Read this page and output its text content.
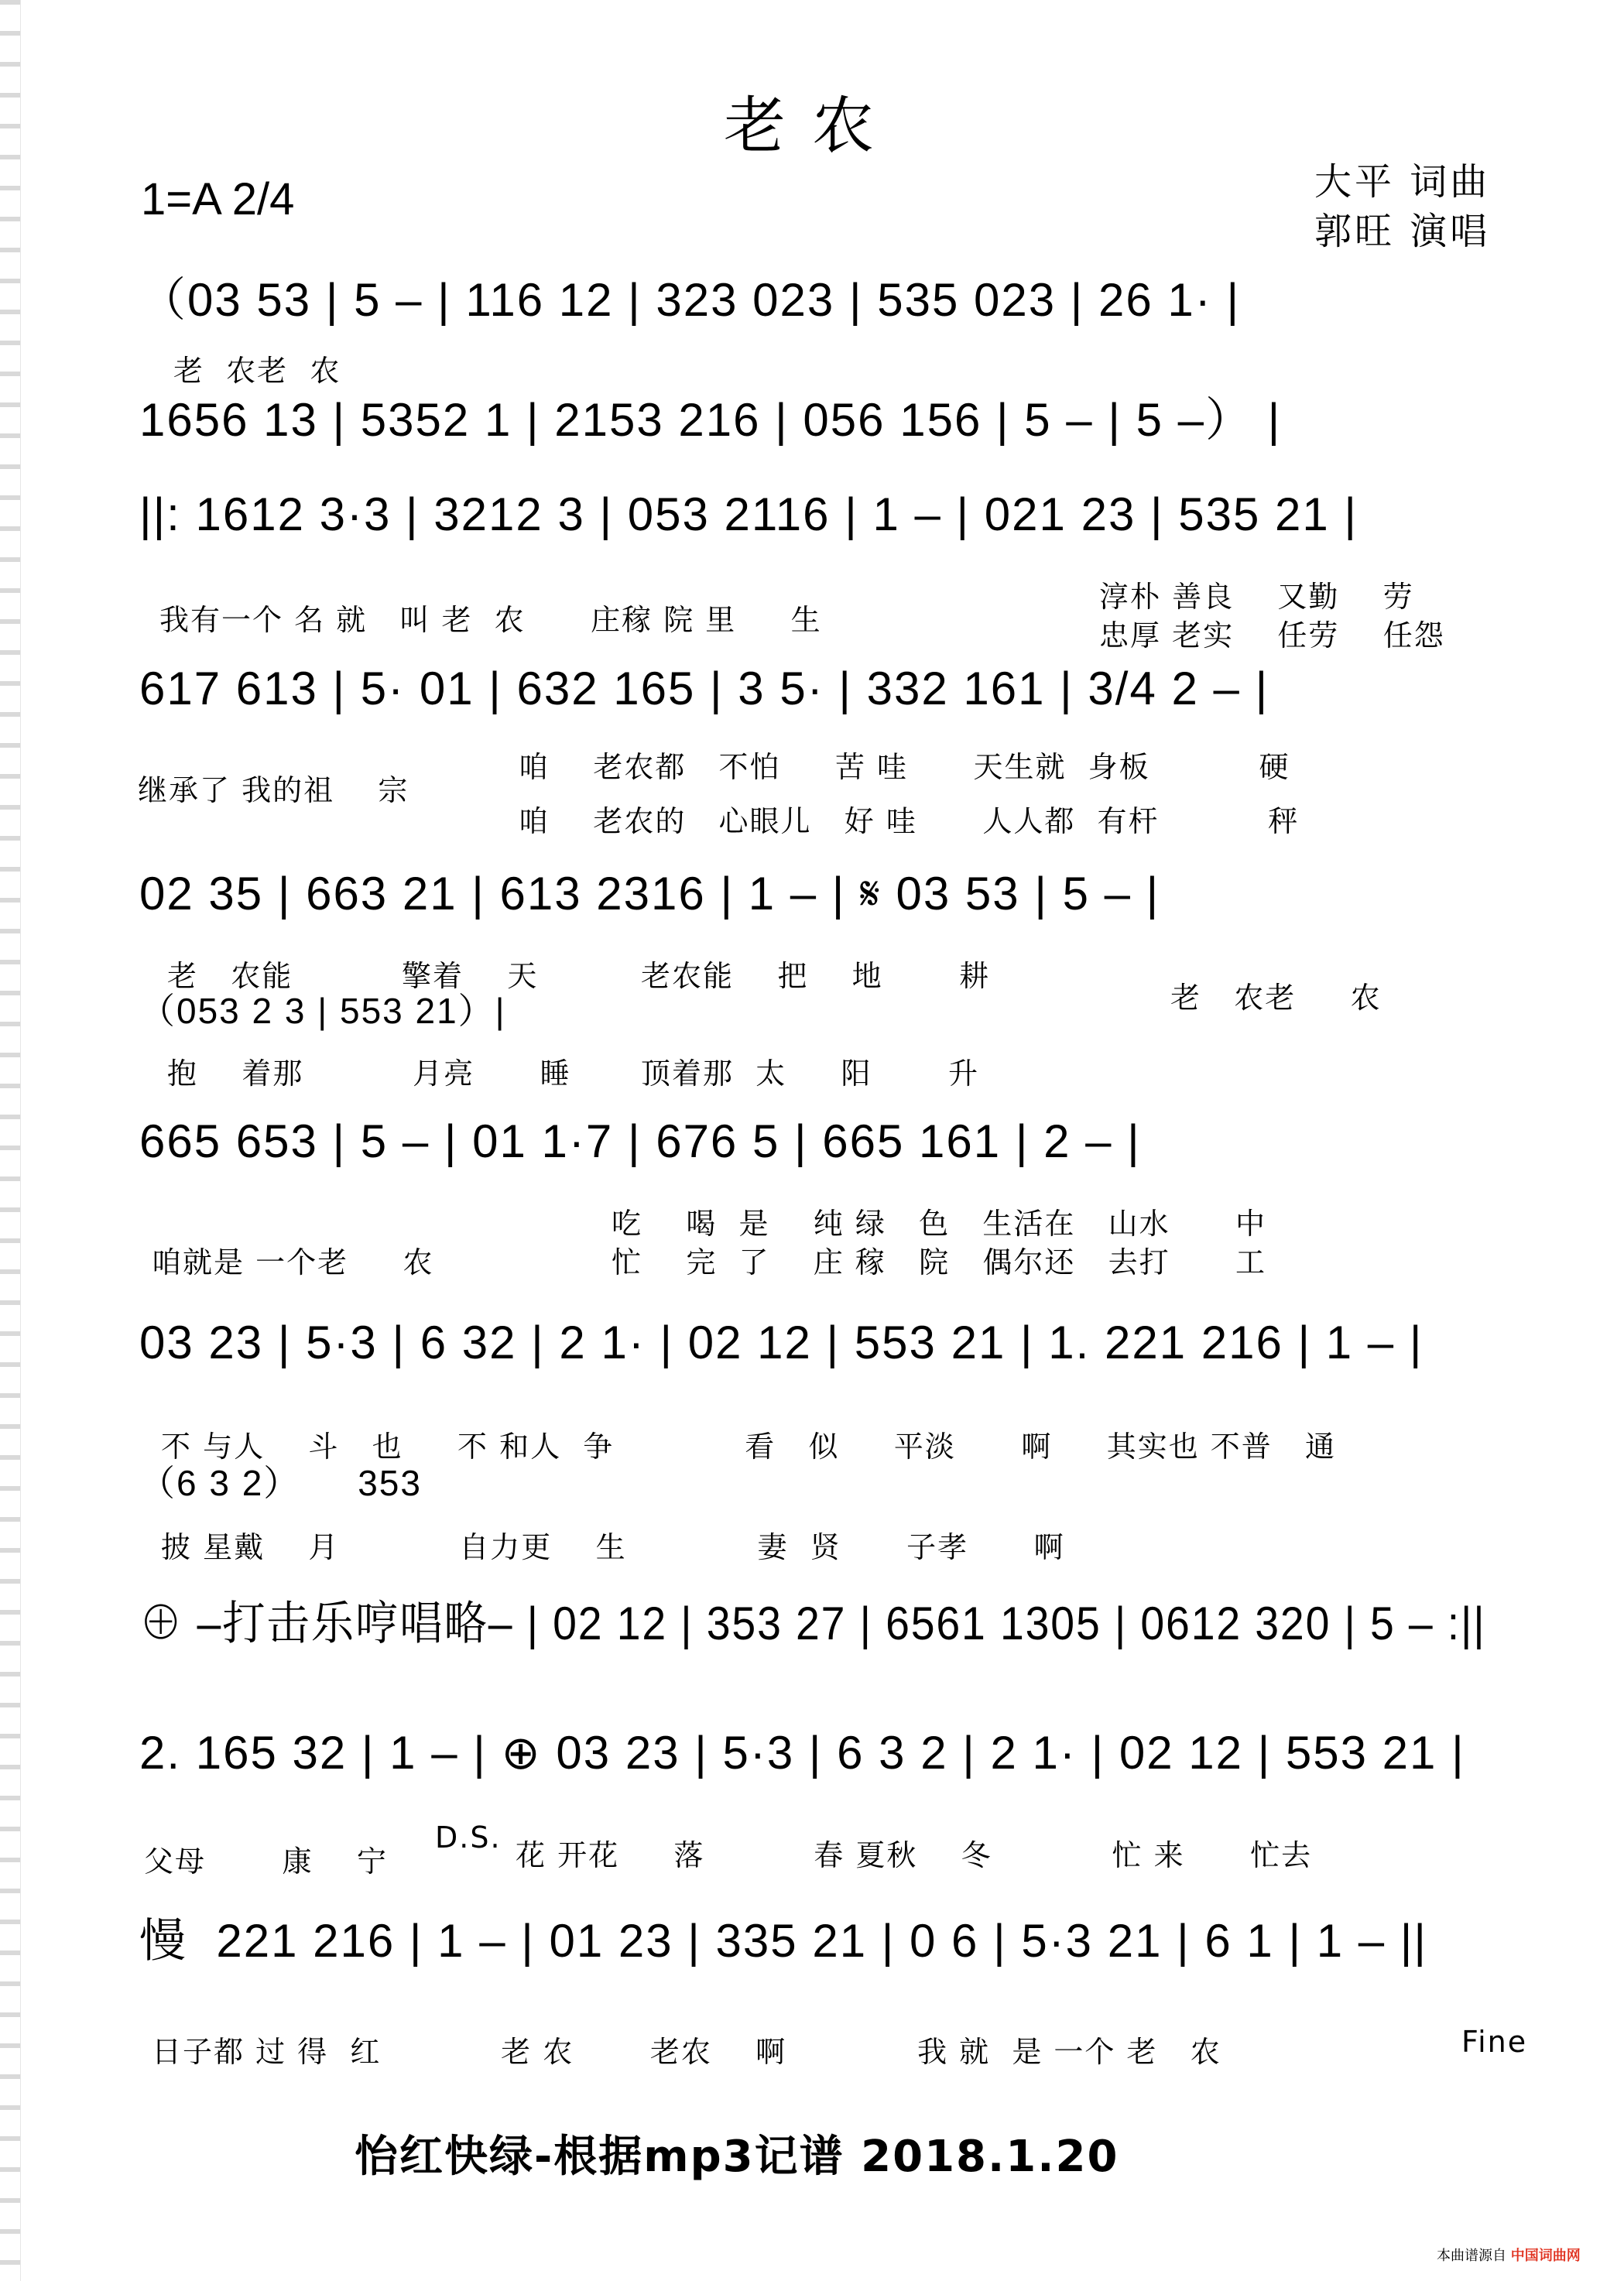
老农
1=A 2/4	大平 词曲
郭旺 演唱
（03 53 | 5 – | 116 12 | 323 023 | 535 023 | 26 1· |
1656 13 | 5352 1 | 2153 216 | 056 156 | 5 – | 5 –） |
||: 1612 3·3 | 3212 3 | 053 2116 | 1 – | 021 23 | 535 21 |
617 613 | 5· 01 | 632 165 | 3 5· | 332 161 | 3/4 2 – |
02 35 | 663 21 | 613 2316 | 1 – | 𝄋 03 53 | 5 – |
（053 2 3 | 553 21）|
665 653 | 5 – | 01 1·7 | 676 5 | 665 161 | 2 – |
03 23 | 5·3 | 6 32 | 2 1· | 02 12 | 553 21 | 1. 221 216 | 1 – |
（6 3 2）     353
⊕ –打击乐哼唱略– | 02 12 | 353 27 | 6561 1305 | 0612 320 | 5 – :||
2. 165 32 | 1 – | ⊕ 03 23 | 5·3 | 6 3 2 | 2 1· | 02 12 | 553 21 |
慢  221 216 | 1 – | 01 23 | 335 21 | 0 6 | 5·3 21 | 6 1 | 1 – ||
怡红快绿-根据mp3记谱 2018.1.20
本曲谱源自 中国词曲网
老  农老  农
我有一个 名 就   叫 老  农      庄稼 院 里     生
淳朴 善良    又勤    劳
忠厚 老实    任劳    任怨
继承了 我的祖    宗
咱    老农都   不怕     苦 哇      天生就  身板          硬
咱    老农的   心眼儿   好 哇      人人都  有杆          秤
老   农能          擎着    天	老农能    把    地       耕
老   农老     农
抱    着那          月亮      睡 顶着那  太     阳       升
咱就是 一个老     农
吃    喝  是    纯 绿   色   生活在   山水      中
忙    完  了    庄 稼   院   偶尔还   去打      工
不 与人    斗   也     不 和人  争            看   似     平淡      啊     其实也 不普   通
披 星戴    月           自力更    生            妻  贤      子孝      啊
父母       康    宁
D.S.
花 开花     落          春 夏秋    冬           忙 来      忙去
日子都 过 得  红           老 农       老农    啊            我 就  是 一个 老   农	Fine
